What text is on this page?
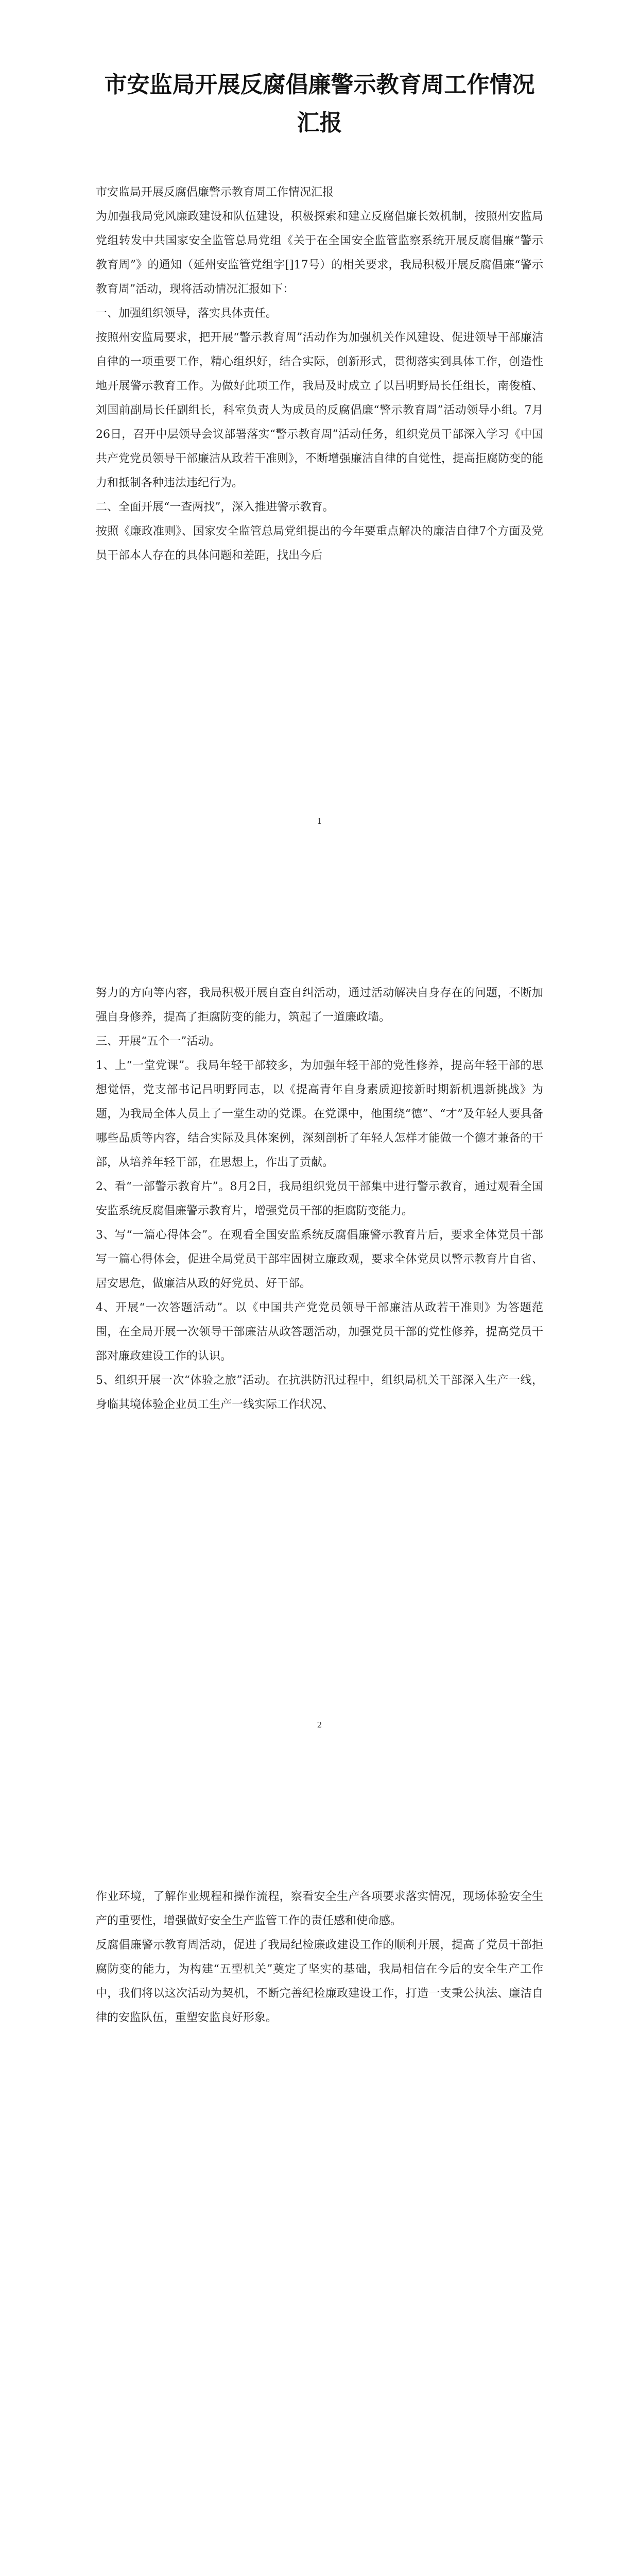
市安监局开展反腐倡廉警示教育周工作情况汇报

市安监局开展反腐倡廉警示教育周工作情况汇报

为加强我局党风廉政建设和队伍建设，积极探索和建立反腐倡廉长效机制，按照州安监局党组转发中共国家安全监管总局党组《关于在全国安全监管监察系统开展反腐倡廉“警示教育周”》的通知（延州安监管党组字[]17号）的相关要求，我局积极开展反腐倡廉“警示教育周”活动，现将活动情况汇报如下：

一、加强组织领导，落实具体责任。

按照州安监局要求，把开展“警示教育周”活动作为加强机关作风建设、促进领导干部廉洁自律的一项重要工作，精心组织好，结合实际，创新形式，贯彻落实到具体工作，创造性地开展警示教育工作。为做好此项工作，我局及时成立了以吕明野局长任组长，南俊植、刘国前副局长任副组长，科室负责人为成员的反腐倡廉“警示教育周”活动领导小组。7月26日，召开中层领导会议部署落实“警示教育周”活动任务，组织党员干部深入学习《中国共产党党员领导干部廉洁从政若干准则》，不断增强廉洁自律的自觉性，提高拒腐防变的能力和抵制各种违法违纪行为。

二、全面开展“一查两找”，深入推进警示教育。

按照《廉政准则》、国家安全监管总局党组提出的今年要重点解决的廉洁自律7个方面及党员干部本人存在的具体问题和差距，找出今后

1

努力的方向等内容，我局积极开展自查自纠活动，通过活动解决自身存在的问题，不断加强自身修养，提高了拒腐防变的能力，筑起了一道廉政墙。

三、开展“五个一”活动。

1、上“一堂党课”。我局年轻干部较多，为加强年轻干部的党性修养，提高年轻干部的思想觉悟，党支部书记吕明野同志，以《提高青年自身素质迎接新时期新机遇新挑战》为题，为我局全体人员上了一堂生动的党课。在党课中，他围绕“德”、“才”及年轻人要具备哪些品质等内容，结合实际及具体案例，深刻剖析了年轻人怎样才能做一个德才兼备的干部，从培养年轻干部，在思想上，作出了贡献。

2、看“一部警示教育片”。8月2日，我局组织党员干部集中进行警示教育，通过观看全国安监系统反腐倡廉警示教育片，增强党员干部的拒腐防变能力。

3、写“一篇心得体会”。在观看全国安监系统反腐倡廉警示教育片后，要求全体党员干部写一篇心得体会，促进全局党员干部牢固树立廉政观，要求全体党员以警示教育片自省、居安思危，做廉洁从政的好党员、好干部。

4、开展“一次答题活动”。以《中国共产党党员领导干部廉洁从政若干准则》为答题范围，在全局开展一次领导干部廉洁从政答题活动，加强党员干部的党性修养，提高党员干部对廉政建设工作的认识。

5、组织开展一次“体验之旅”活动。在抗洪防汛过程中，组织局机关干部深入生产一线，身临其境体验企业员工生产一线实际工作状况、

2

作业环境，了解作业规程和操作流程，察看安全生产各项要求落实情况，现场体验安全生产的重要性，增强做好安全生产监管工作的责任感和使命感。

反腐倡廉警示教育周活动，促进了我局纪检廉政建设工作的顺利开展，提高了党员干部拒腐防变的能力，为构建“五型机关”奠定了坚实的基础，我局相信在今后的安全生产工作中，我们将以这次活动为契机，不断完善纪检廉政建设工作，打造一支秉公执法、廉洁自律的安监队伍，重塑安监良好形象。
